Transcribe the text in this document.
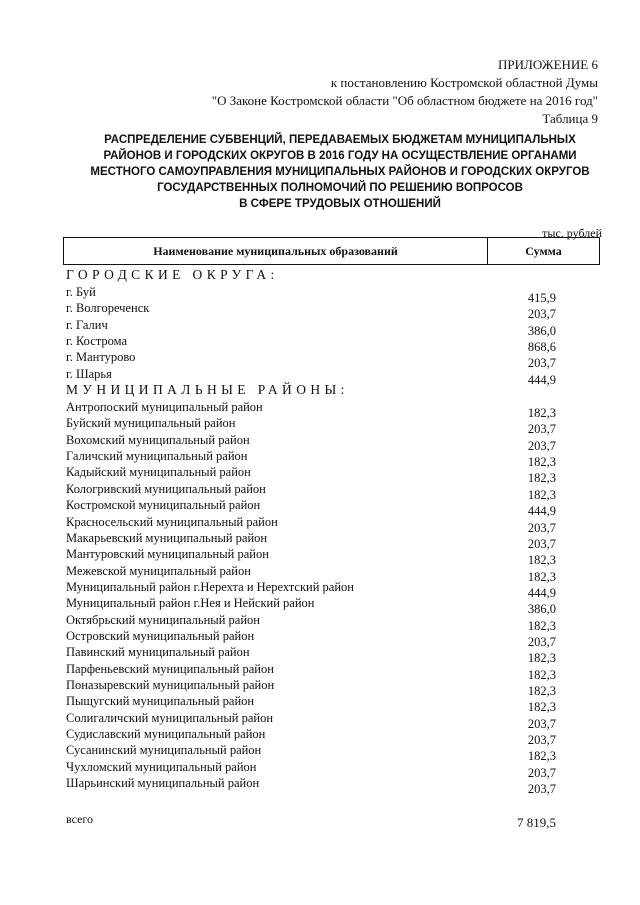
ПРИЛОЖЕНИЕ 6
к постановлению Костромской областной Думы
"О Законе Костромской области "Об областном бюджете на 2016 год"
Таблица 9
РАСПРЕДЕЛЕНИЕ СУБВЕНЦИЙ, ПЕРЕДАВАЕМЫХ БЮДЖЕТАМ МУНИЦИПАЛЬНЫХ
РАЙОНОВ И ГОРОДСКИХ ОКРУГОВ В 2016 ГОДУ НА ОСУЩЕСТВЛЕНИЕ ОРГАНАМИ
МЕСТНОГО САМОУПРАВЛЕНИЯ МУНИЦИПАЛЬНЫХ РАЙОНОВ И ГОРОДСКИХ ОКРУГОВ
ГОСУДАРСТВЕННЫХ ПОЛНОМОЧИЙ ПО РЕШЕНИЮ ВОПРОСОВ
В СФЕРЕ ТРУДОВЫХ ОТНОШЕНИЙ
тыс. рублей
Наименование муниципальных образований	Сумма
ГОРОДСКИЕ ОКРУГА:
г. Буй	415,9
г. Волгореченск	203,7
г. Галич	386,0
г. Кострома	868,6
г. Мантурово	203,7
г. Шарья	444,9
МУНИЦИПАЛЬНЫЕ РАЙОНЫ:
Антропоский муниципальный район	182,3
Буйский муниципальный район	203,7
Вохомский муниципальный район	203,7
Галичский муниципальный район	182,3
Кадыйский муниципальный район	182,3
Кологривский муниципальный район	182,3
Костромской муниципальный район	444,9
Красносельский муниципальный район	203,7
Макарьевский муниципальный район	203,7
Мантуровский муниципальный район	182,3
Межевской муниципальный район	182,3
Муниципальный район г.Нерехта и Нерехтский район	444,9
Муниципальный район г.Нея и Нейский район	386,0
Октябрьский муниципальный район	182,3
Островский муниципальный район	203,7
Павинский муниципальный район	182,3
Парфеньевский муниципальный район	182,3
Поназыревский муниципальный район	182,3
Пыщугский муниципальный район	182,3
Солигаличский муниципальный район	203,7
Судиславский муниципальный район	203,7
Сусанинский муниципальный район	182,3
Чухломский муниципальный район	203,7
Шарьинский муниципальный район	203,7
всего	7 819,5
